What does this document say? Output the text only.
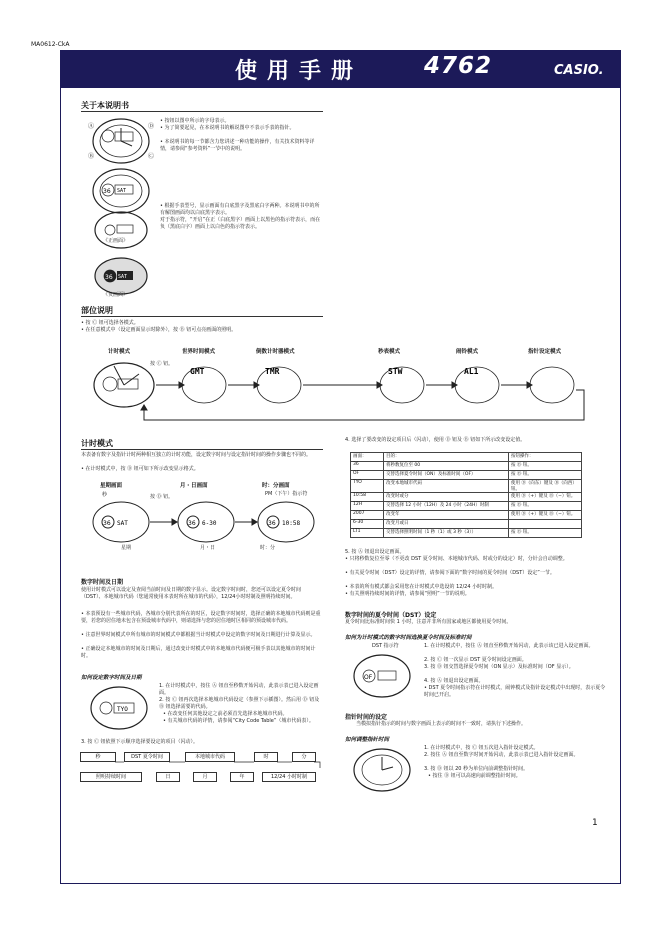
MA0612-CkA
使用手册	4762	CASIO.
关于本说明书
Ⓐ	Ⓓ
Ⓑ	Ⓒ
• 按钮以图中所示的字母表示。
• 为了简要起见，在本说明书的解说图中不表示手表的指针。
• 本说明书的每一节都含力您讲述一种功能的操作，有关技术资料等详情，请参阅“参考资料”一节中的说明。
36 SAT
《正画面》
• 根据手表型号，显示画面有白底黑字及黑底白字两种。本说明书中的所有解图画面均以白底黑字表示。
对于指示符，“开启”在正（白底黑字）画面上以黑色的指示符表示，而在负（黑底白字）画面上以白色的指示符表示。
36 SAT
《负画面》
部位说明
• 按 Ⓒ 钮可选择各模式。
• 在任意模式中（设定画面显示时除外），按 Ⓑ 钮可点亮画面的照明。
计时模式	世界时间模式	倒数计时器模式	秒表模式	闹铃模式	指针设定模式
按 Ⓒ 钮。
GMT	TMR	STW	AL1
计时模式
本表备有数字及指针计时两种相互独立的计时功能，设定数字时间与设定指针时间的操作步骤也不同的。
• 在计时模式中，按 Ⓓ 钮可如下所示改变显示格式。
星期画面	月・日画面	时：分画面
秒	按 Ⓓ 钮。	PM（下午）指示符
36	36	36
SAT	6-30	10:58
星期	月・日	时：分
数字时间及日期
使用计时模式可以设定及查阅当前时间及日期的数字显示。设定数字时间时，您还可以设定夏令时间（DST）、本地城市代码（您通常使用本表时所在城市的代码），12/24小时时制及照明持续时间。
• 本表预设有一些城市代码，各城市分别代表所在的时区，设定数字时间时，选择正确的本地城市代码则是重要，若您的居住地未包含在预设城市代码中，则请选择与您的居住地时区相同的预设城市代码。
• 注意世界时间模式中所有城市的时间模式中都根据当计时模式中设定的数字时间及日期进行计算及显示。
• 正确设定本地城市的时间及日期后，通过改变计时模式中的本地城市代码便可极手表以其他城市的时间计时。
如何设定数字时间及日期
TYO
1. 在计时模式中，按住 Ⓐ 钮直至秒数开始闪动，此表示表已进入设定画面。
2. 按 Ⓒ 钮再次选择本地城市代码设定（参照下示插图）。然后用 Ⓓ 钮及 Ⓑ 钮选择需要的代码。
• 在改变任何其他设定之前必须首先选择本地城市代码。
• 有关城市代码的详情，请参阅“City Code Table”（城市代码表）。
3. 按 Ⓒ 钮依照下示顺序选择要设定的项目（闪动）。
秒	DST 夏令时间	本地城市代码	时	分
照明持续时间	日	月	年	12/24 小时时制
4. 选择了要改变的设定项目后（闪动），使用 Ⓓ 钮及 Ⓑ 钮如下所示改变设定值。
画面：	目的：	按钮操作：
36	将秒数复位至 00	按 Ⓓ 钮。
OF	交替选择夏令时间（ON）及标准时间（OF）	按 Ⓓ 钮。
TYO	改变本地城市代码	使用 Ⓓ（向东）键及 Ⓑ（向西）钮。
10:58	改变时或分	使用 Ⓓ（+）键及 Ⓑ（−）钮。
12H	交替选择 12 小时（12H）及 24 小时（24H）时制	按 Ⓓ 钮。
2007	改变年	使用 Ⓓ（+）键及 Ⓑ（−）钮。
6-30	改变月或日	
LT1	交替选择照明时间（1 秒（1）或 3 秒（3））	按 Ⓓ 钮。
5. 按 Ⓐ 钮退出设定画面。
• 只将秒数复位至零（不更改 DST 夏令时间、本地城市代码、时或分的设定）时，分针会自动调整。
• 有关夏令时间（DST）设定的详情，请参阅下面的“数字时间的夏令时间（DST）设定”一节。
• 本表的所有模式都会采用您在计时模式中选设的 12/24 小时时制。
• 有关照明持续时间的详情，请参阅“照明”一节的说明。
数字时间的夏令时间（DST）设定
夏令时间比标准时间快 1 小时，注意并非所有国家或地区都使用夏令时间。
如何为计时模式的数字时间选换夏令时间及标准时间
DST 指示符
OF
1. 在计时模式中，按住 Ⓐ 钮直至秒数开始闪动，此表示该已进入设定画面。
2. 按 Ⓒ 钮一次显示 DST 夏令时间设定画面。
3. 按 Ⓓ 钮交替选择夏令时间（ON 显示）及标准时间（OF 显示）。
4. 按 Ⓐ 钮退出设定画面。
• DST 夏令时间指示符在计时模式，闹钟模式及指针设定模式中出现时，表示夏令时间已开启。
指针时间的设定
当模拟指针指示的时间与数字画面上表示的时间不一致时，请执行下述操作。
如何调整指针时间
1. 在计时模式中，按 Ⓒ 钮五次进入指针设定模式。
2. 按住 Ⓐ 钮直至数字时间开始闪动，此表示表已进入指针设定画面。
3. 按 Ⓓ 钮以 20 秒为单位向前调整指针时间。
• 按住 Ⓓ 钮可以高速向前调整指针时间。
1
